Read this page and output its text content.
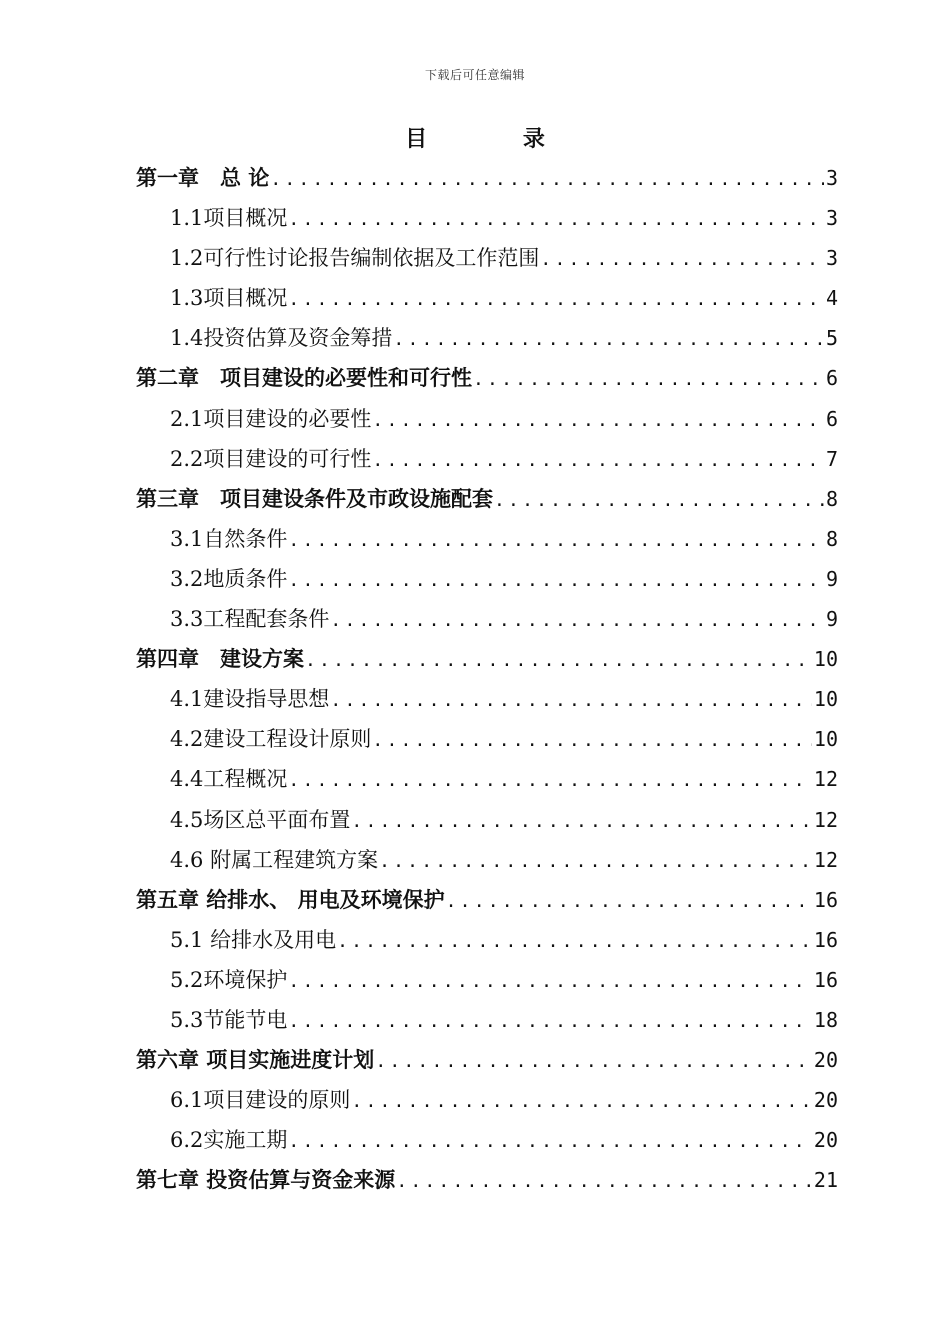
下载后可任意编辑
目 录
第一章　总 论 .....	3
1.1项目概况 .....	3
1.2可行性讨论报告编制依据及工作范围 .....	3
1.3项目概况 .....	4
1.4投资估算及资金筹措 .....	5
第二章　项目建设的必要性和可行性 .....	6
2.1项目建设的必要性 .....	6
2.2项目建设的可行性 .....	7
第三章　项目建设条件及市政设施配套 .....	8
3.1自然条件 .....	8
3.2地质条件 .....	9
3.3工程配套条件 .....	9
第四章　建设方案 .....	10
4.1建设指导思想 .....	10
4.2建设工程设计原则 .....	10
4.4工程概况 .....	12
4.5场区总平面布置 .....	12
4.6 附属工程建筑方案 .....	12
第五章 给排水、 用电及环境保护 .....	16
5.1 给排水及用电 .....	16
5.2环境保护 .....	16
5.3节能节电 .....	18
第六章 项目实施进度计划 .....	20
6.1项目建设的原则 .....	20
6.2实施工期 .....	20
第七章 投资估算与资金来源 .....	21
